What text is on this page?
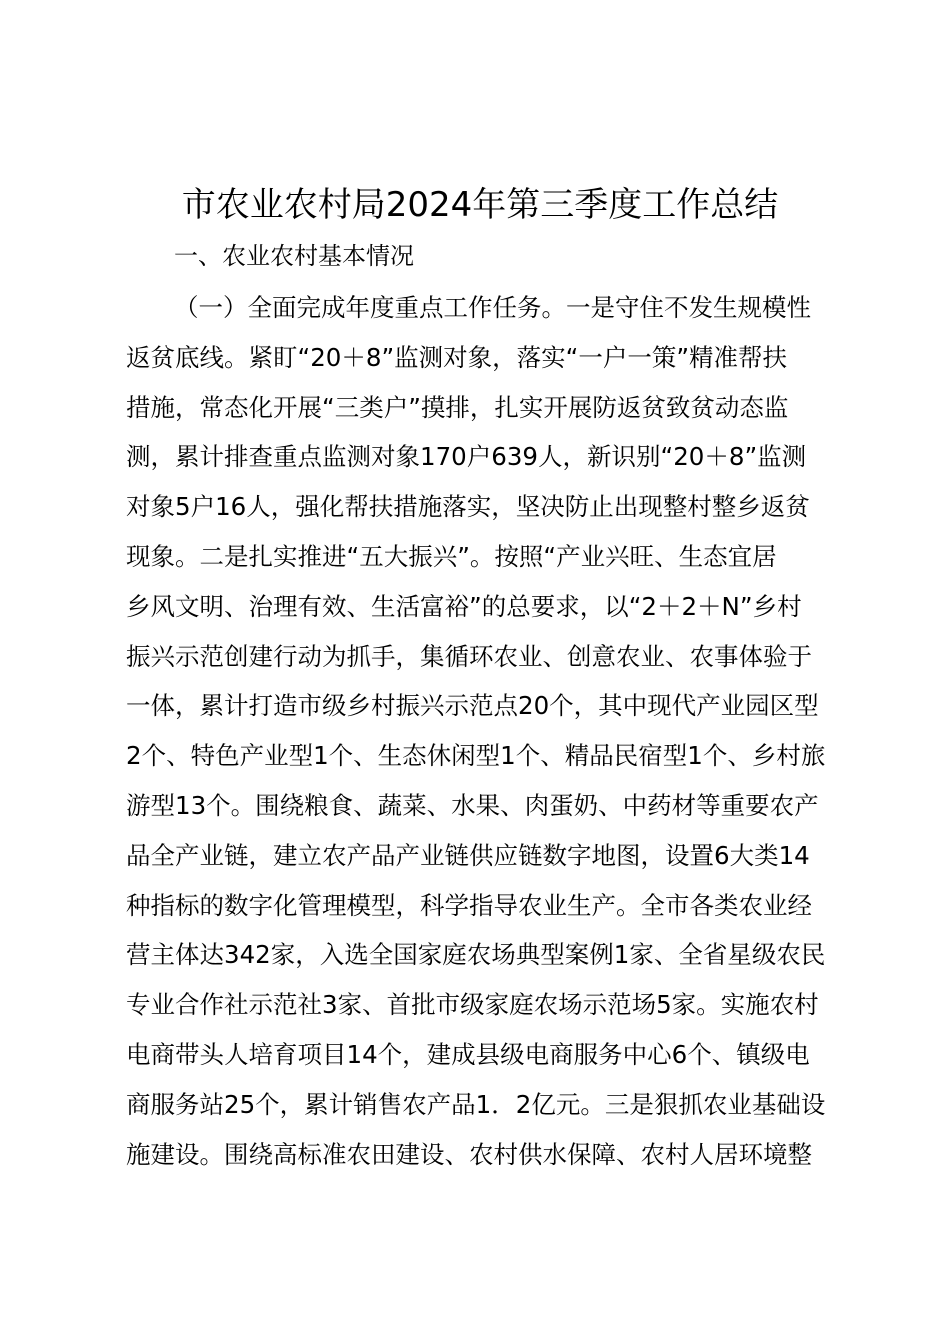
市农业农村局2024年第三季度工作总结
一、农业农村基本情况
（一）全面完成年度重点工作任务。一是守住不发生规模性
返贫底线。紧盯“20＋8”监测对象，落实“一户一策”精准帮扶
措施，常态化开展“三类户”摸排，扎实开展防返贫致贫动态监
测，累计排查重点监测对象170户639人，新识别“20＋8”监测
对象5户16人，强化帮扶措施落实，坚决防止出现整村整乡返贫
现象。二是扎实推进“五大振兴”。按照“产业兴旺、生态宜居
乡风文明、治理有效、生活富裕”的总要求，以“2＋2＋N”乡村
振兴示范创建行动为抓手，集循环农业、创意农业、农事体验于
一体，累计打造市级乡村振兴示范点20个，其中现代产业园区型
2个、特色产业型1个、生态休闲型1个、精品民宿型1个、乡村旅
游型13个。围绕粮食、蔬菜、水果、肉蛋奶、中药材等重要农产
品全产业链，建立农产品产业链供应链数字地图，设置6大类14
种指标的数字化管理模型，科学指导农业生产。全市各类农业经
营主体达342家，入选全国家庭农场典型案例1家、全省星级农民
专业合作社示范社3家、首批市级家庭农场示范场5家。实施农村
电商带头人培育项目14个，建成县级电商服务中心6个、镇级电
商服务站25个，累计销售农产品1．2亿元。三是狠抓农业基础设
施建设。围绕高标准农田建设、农村供水保障、农村人居环境整
